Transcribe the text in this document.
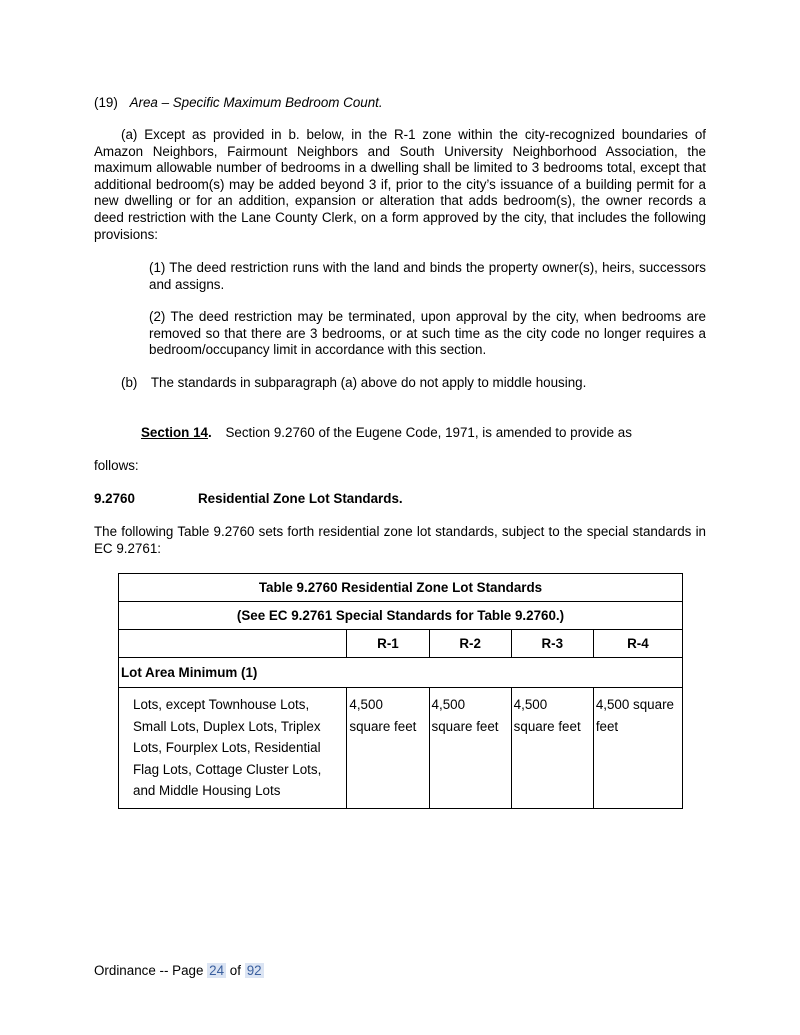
(19) Area – Specific Maximum Bedroom Count.
(a) Except as provided in b. below, in the R-1 zone within the city-recognized boundaries of Amazon Neighbors, Fairmount Neighbors and South University Neighborhood Association, the maximum allowable number of bedrooms in a dwelling shall be limited to 3 bedrooms total, except that additional bedroom(s) may be added beyond 3 if, prior to the city’s issuance of a building permit for a new dwelling or for an addition, expansion or alteration that adds bedroom(s), the owner records a deed restriction with the Lane County Clerk, on a form approved by the city, that includes the following provisions:
(1) The deed restriction runs with the land and binds the property owner(s), heirs, successors and assigns.
(2) The deed restriction may be terminated, upon approval by the city, when bedrooms are removed so that there are 3 bedrooms, or at such time as the city code no longer requires a bedroom/occupancy limit in accordance with this section.
(b) The standards in subparagraph (a) above do not apply to middle housing.
Section 14. Section 9.2760 of the Eugene Code, 1971, is amended to provide as
follows:
9.2760	Residential Zone Lot Standards.
The following Table 9.2760 sets forth residential zone lot standards, subject to the special standards in EC 9.2761:
Table 9.2760 Residential Zone Lot Standards				
(See EC 9.2761 Special Standards for Table 9.2760.)				
	R-1	R-2	R-3	R-4
Lot Area Minimum (1)				
Lots, except Townhouse Lots, Small Lots, Duplex Lots, Triplex Lots, Fourplex Lots, Residential Flag Lots, Cottage Cluster Lots, and Middle Housing Lots	4,500 square feet	4,500 square feet	4,500 square feet	4,500 square feet
Ordinance -- Page 24 of 92
